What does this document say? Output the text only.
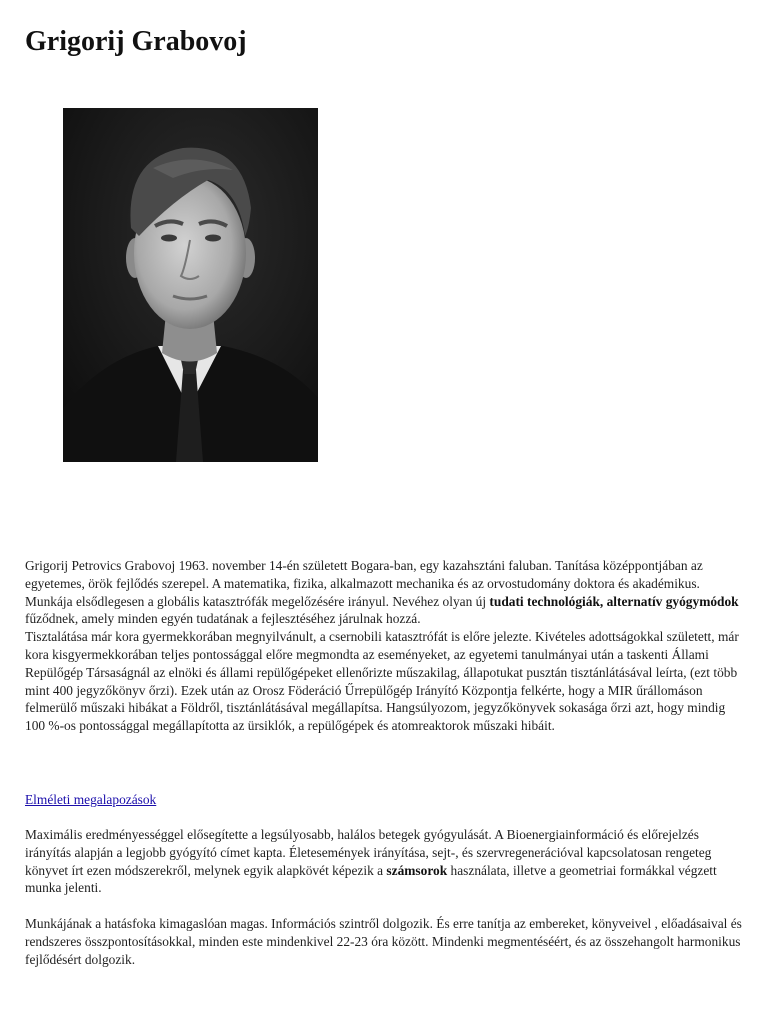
Grigorij Grabovoj

Grigorij Petrovics Grabovoj 1963. november 14-én született Bogara-ban, egy kazahsztáni faluban. Tanítása középpontjában az egyetemes, örök fejlődés szerepel. A matematika, fizika, alkalmazott mechanika és az orvostudomány doktora és akadémikus.

Munkája elsődlegesen a globális katasztrófák megelőzésére irányul. Nevéhez olyan új tudati technológiák, alternatív gyógymódok fűződnek, amely minden egyén tudatának a fejlesztéséhez járulnak hozzá.

Tisztalátása már kora gyermekkorában megnyilvánult, a csernobili katasztrófát is előre jelezte. Kivételes adottságokkal született, már kora kisgyermekkorában teljes pontossággal előre megmondta az eseményeket, az egyetemi tanulmányai után a taskenti Állami Repülőgép Társaságnál az elnöki és állami repülőgépeket ellenőrizte műszakilag, állapotukat pusztán tisztánlátásával leírta, (ezt több mint 400 jegyzőkönyv őrzi). Ezek után az Orosz Föderáció Űrrepülőgép Irányító Központja felkérte, hogy a MIR űrállomáson felmerülő műszaki hibákat a Földről, tisztánlátásával megállapítsa. Hangsúlyozom, jegyzőkönyvek sokasága őrzi azt, hogy mindig 100 %-os pontossággal megállapította az ürsiklók, a repülőgépek és atomreaktorok műszaki hibáit.

Elméleti megalapozások

Maximális eredményességgel elősegítette a legsúlyosabb, halálos betegek gyógyulását. A Bioenergiainformáció és előrejelzés irányítás alapján a legjobb gyógyító címet kapta. Életesemények irányítása, sejt-, és szervregenerációval kapcsolatosan rengeteg könyvet írt ezen módszerekről, melynek egyik alapkövét képezik a számsorok használata, illetve a geometriai formákkal végzett munka jelenti.

Munkájának a hatásfoka kimagaslóan magas. Információs szintről dolgozik. És erre tanítja az embereket, könyveivel , előadásaival és rendszeres összpontosításokkal, minden este mindenkivel 22-23 óra között. Mindenki megmentéséért, és az összehangolt harmonikus fejlődésért dolgozik.
